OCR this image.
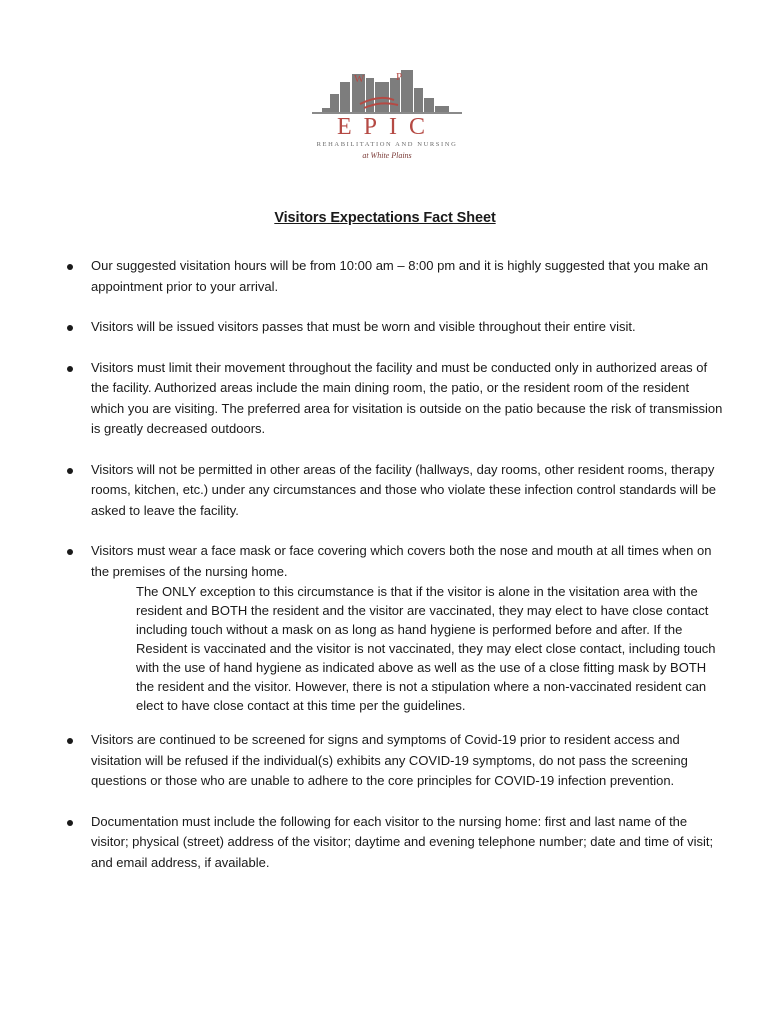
W	P
EPIC
REHABILITATION AND NURSING
at White Plains
Visitors Expectations Fact Sheet
Our suggested visitation hours will be from 10:00 am – 8:00 pm and it is highly suggested that you make an appointment prior to your arrival.
Visitors will be issued visitors passes that must be worn and visible throughout their entire visit.
Visitors must limit their movement throughout the facility and must be conducted only in authorized areas of the facility. Authorized areas include the main dining room, the patio, or the resident room of the resident which you are visiting. The preferred area for visitation is outside on the patio because the risk of transmission is greatly decreased outdoors.
Visitors will not be permitted in other areas of the facility (hallways, day rooms, other resident rooms, therapy rooms, kitchen, etc.) under any circumstances and those who violate these infection control standards will be asked to leave the facility.
Visitors must wear a face mask or face covering which covers both the nose and mouth at all times when on the premises of the nursing home.

The ONLY exception to this circumstance is that if the visitor is alone in the visitation area with the resident and BOTH the resident and the visitor are vaccinated, they may elect to have close contact including touch without a mask on as long as hand hygiene is performed before and after. If the Resident is vaccinated and the visitor is not vaccinated, they may elect close contact, including touch with the use of hand hygiene as indicated above as well as the use of a close fitting mask by BOTH the resident and the visitor. However, there is not a stipulation where a non-vaccinated resident can elect to have close contact at this time per the guidelines.

Visitors are continued to be screened for signs and symptoms of Covid-19 prior to resident access and visitation will be refused if the individual(s) exhibits any COVID-19 symptoms, do not pass the screening questions or those who are unable to adhere to the core principles for COVID-19 infection prevention.
Documentation must include the following for each visitor to the nursing home: first and last name of the visitor; physical (street) address of the visitor; daytime and evening telephone number; date and time of visit; and email address, if available.
